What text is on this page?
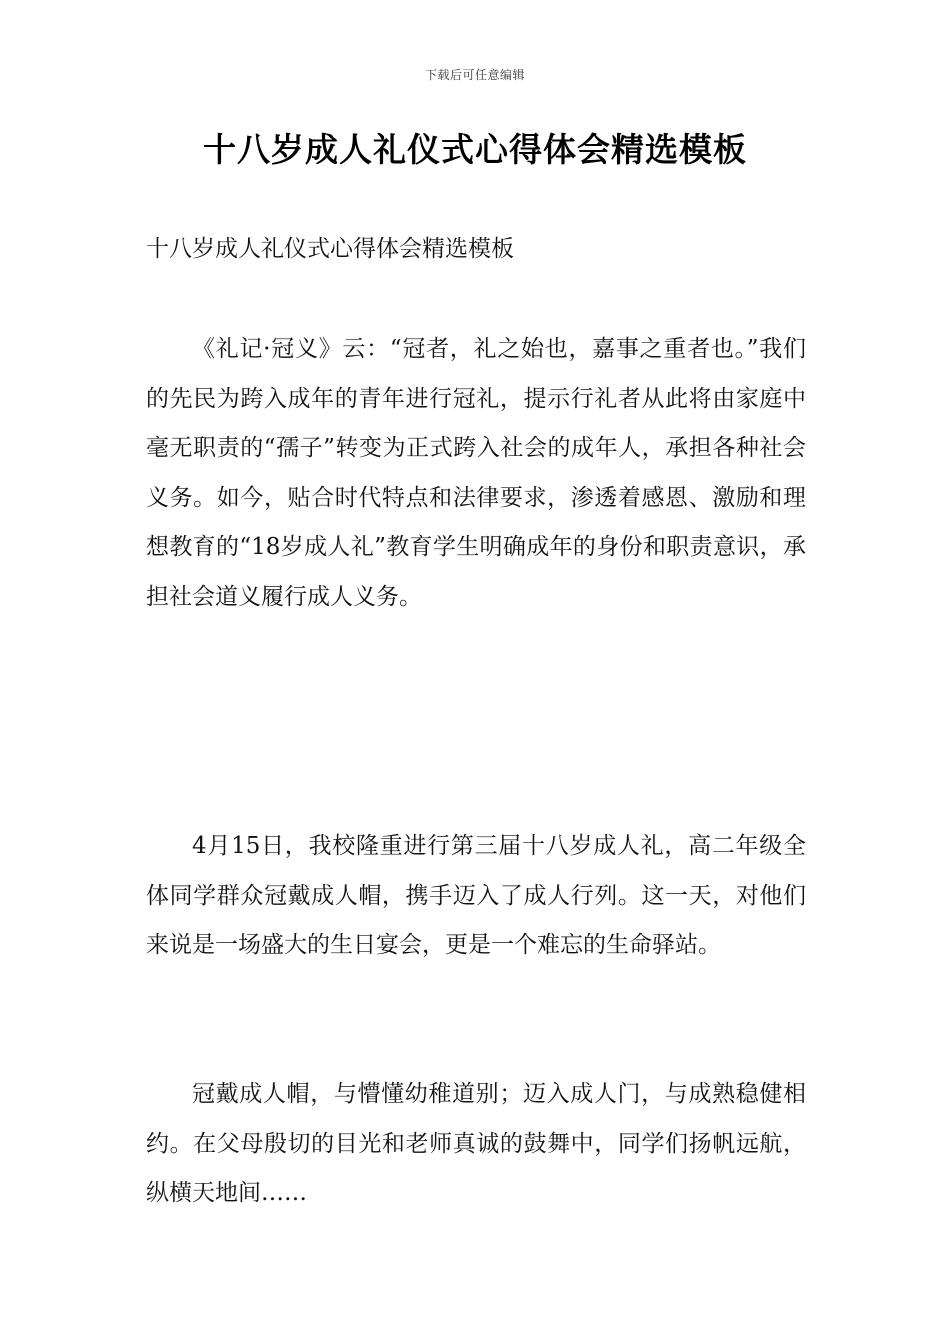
下载后可任意编辑
十八岁成人礼仪式心得体会精选模板

十八岁成人礼仪式心得体会精选模板

《礼记·冠义》云：“冠者，礼之始也，嘉事之重者也。”我们的先民为跨入成年的青年进行冠礼，提示行礼者从此将由家庭中毫无职责的“孺子”转变为正式跨入社会的成年人，承担各种社会义务。如今，贴合时代特点和法律要求，渗透着感恩、激励和理想教育的“18岁成人礼”教育学生明确成年的身份和职责意识，承担社会道义履行成人义务。

4月15日，我校隆重进行第三届十八岁成人礼，高二年级全体同学群众冠戴成人帽，携手迈入了成人行列。这一天，对他们来说是一场盛大的生日宴会，更是一个难忘的生命驿站。

冠戴成人帽，与懵懂幼稚道别；迈入成人门，与成熟稳健相约。在父母殷切的目光和老师真诚的鼓舞中，同学们扬帆远航，纵横天地间……
